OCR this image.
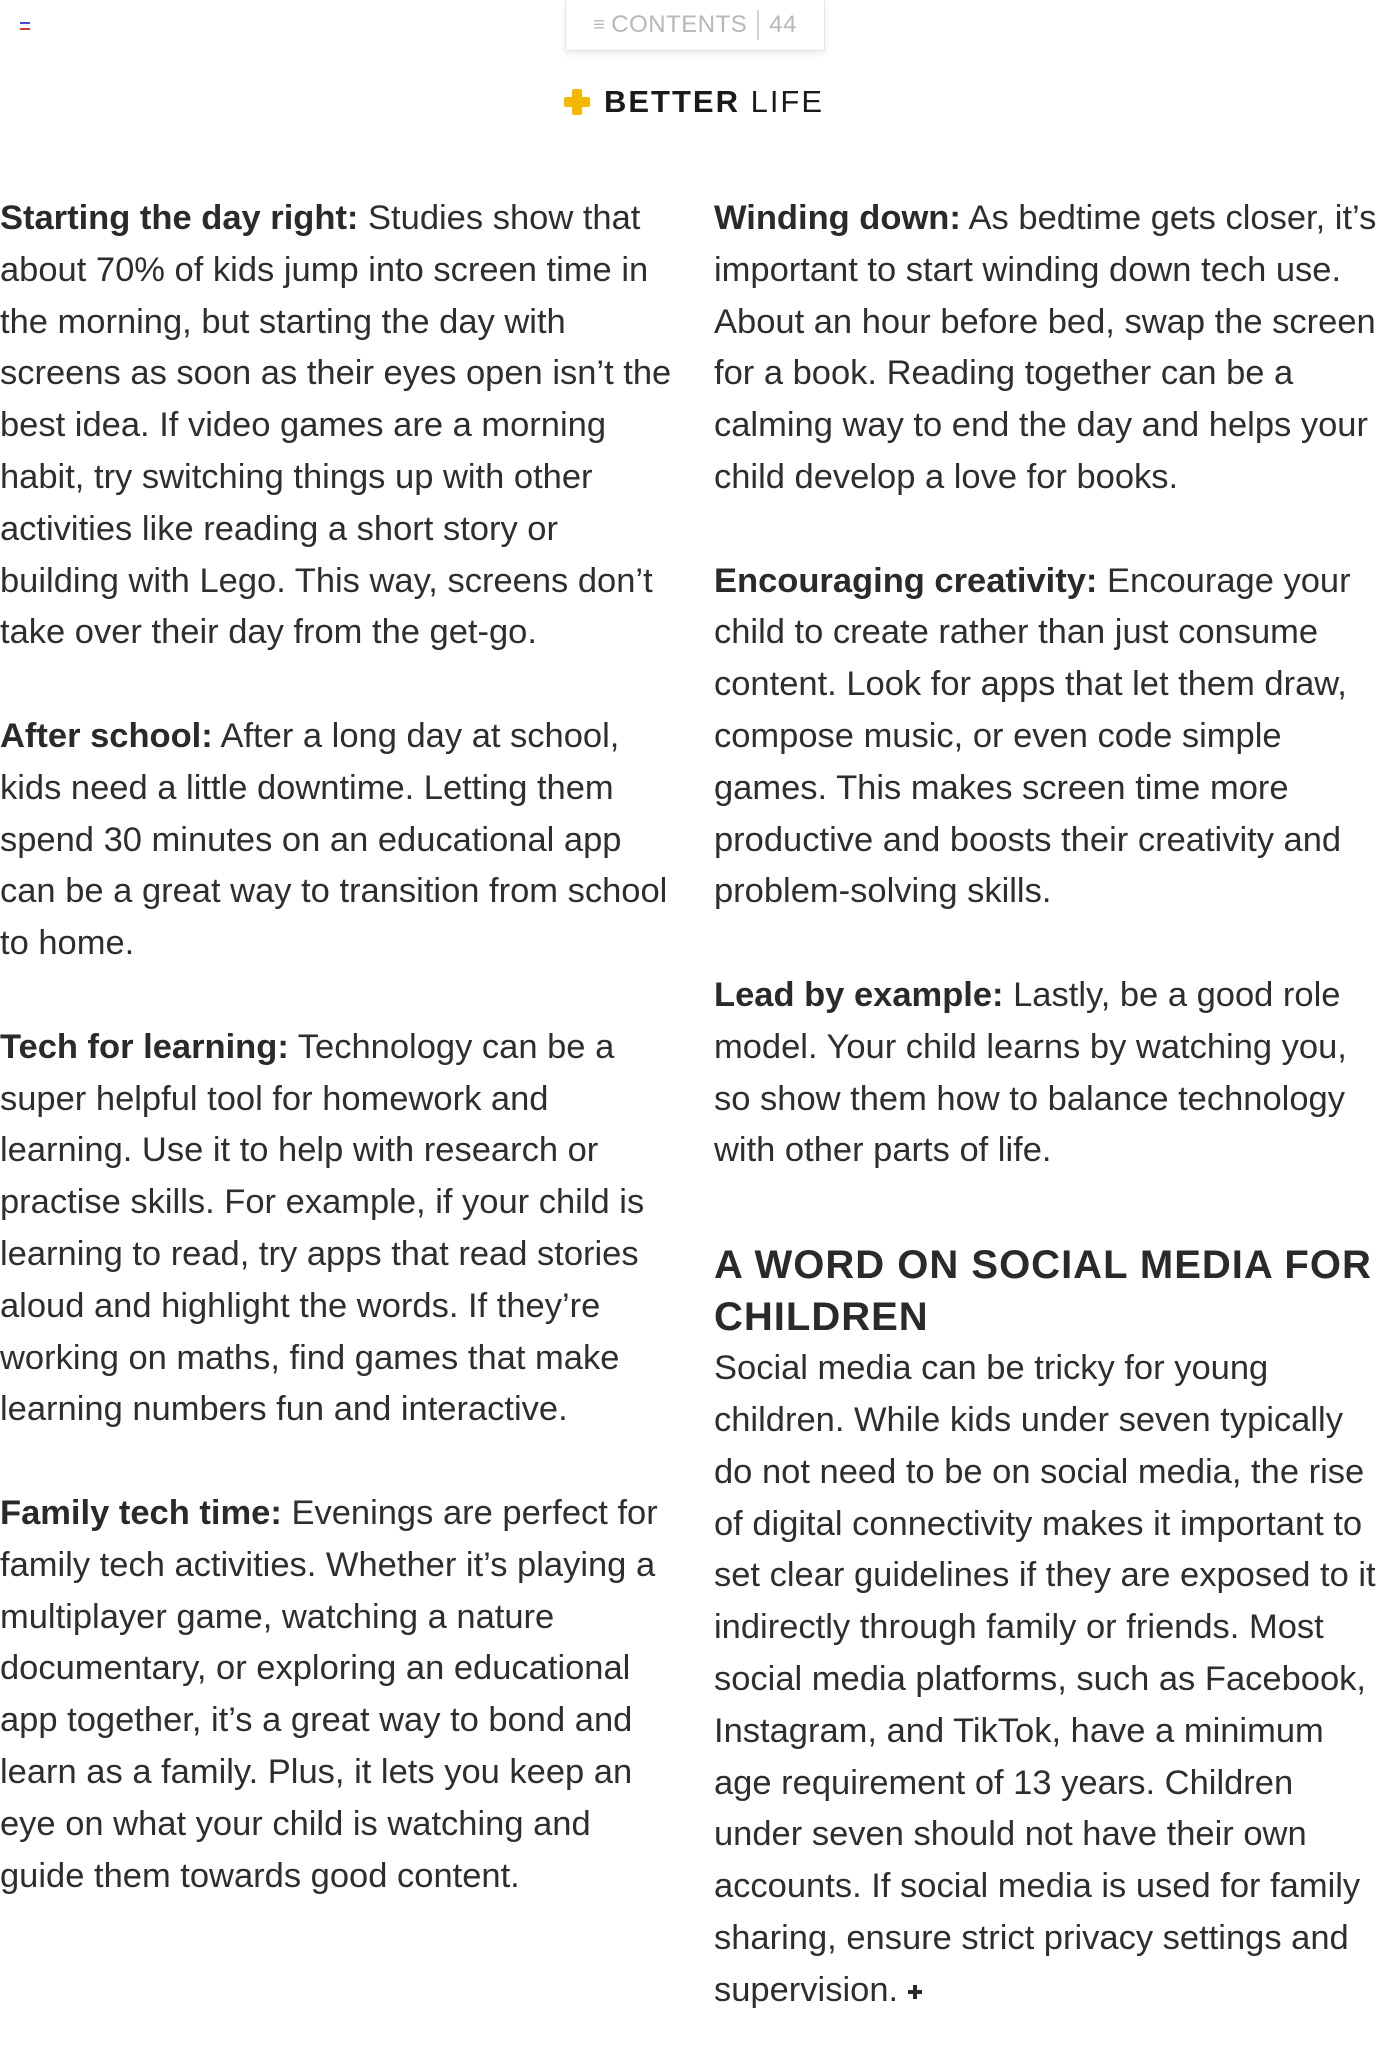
≡ CONTENTS 44
BETTER LIFE

Starting the day right: Studies show that about 70% of kids jump into screen time in the morning, but starting the day with screens as soon as their eyes open isn’t the best idea. If video games are a morning habit, try switching things up with other activities like reading a short story or building with Lego. This way, screens don’t take over their day from the get-go.

After school: After a long day at school, kids need a little downtime. Letting them spend 30 minutes on an educational app can be a great way to transition from school to home.

Tech for learning: Technology can be a super helpful tool for homework and learning. Use it to help with research or practise skills. For example, if your child is learning to read, try apps that read stories aloud and highlight the words. If they’re working on maths, find games that make learning numbers fun and interactive.

Family tech time: Evenings are perfect for family tech activities. Whether it’s playing a multiplayer game, watching a nature documentary, or exploring an educational app together, it’s a great way to bond and learn as a family. Plus, it lets you keep an eye on what your child is watching and guide them towards good content.

Winding down: As bedtime gets closer, it’s important to start winding down tech use. About an hour before bed, swap the screen for a book. Reading together can be a calming way to end the day and helps your child develop a love for books.

Encouraging creativity: Encourage your child to create rather than just consume content. Look for apps that let them draw, compose music, or even code simple games. This makes screen time more productive and boosts their creativity and problem-solving skills.

Lead by example: Lastly, be a good role model. Your child learns by watching you, so show them how to balance technology with other parts of life.

A WORD ON SOCIAL MEDIA FOR CHILDREN

Social media can be tricky for young children. While kids under seven typically do not need to be on social media, the rise of digital connectivity makes it important to set clear guidelines if they are exposed to it indirectly through family or friends. Most social media platforms, such as Facebook, Instagram, and TikTok, have a minimum age requirement of 13 years. Children under seven should not have their own accounts. If social media is used for family sharing, ensure strict privacy settings and supervision.
